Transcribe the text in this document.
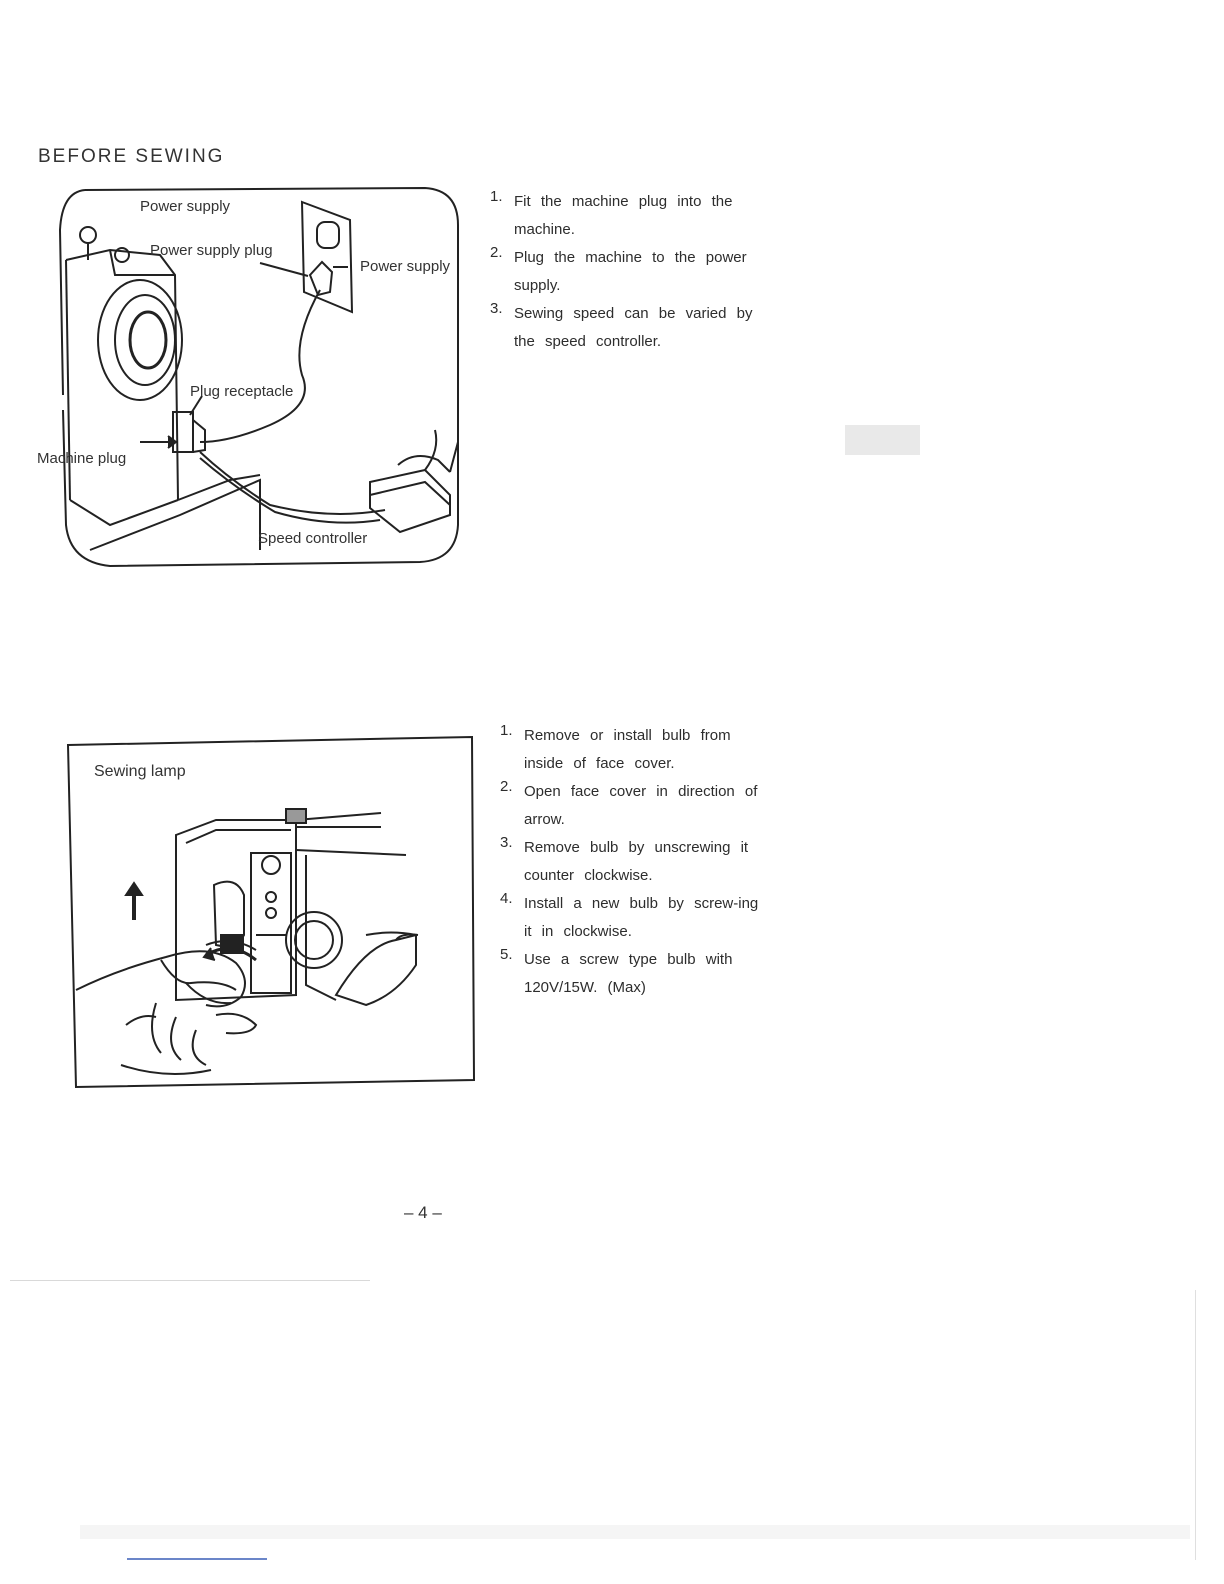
BEFORE SEWING
Power supply
Power supply plug
Power supply
Plug receptacle
Machine plug
Speed controller
1. Fit the machine plug into the machine.
2. Plug the machine to the power supply.
3. Sewing speed can be varied by the speed controller.
Sewing lamp
1. Remove or install bulb from inside of face cover.
2. Open face cover in direction of arrow.
3. Remove bulb by unscrewing it counter clockwise.
4. Install a new bulb by screw-ing it in clockwise.
5. Use a screw type bulb with 120V/15W. (Max)
– 4 –
